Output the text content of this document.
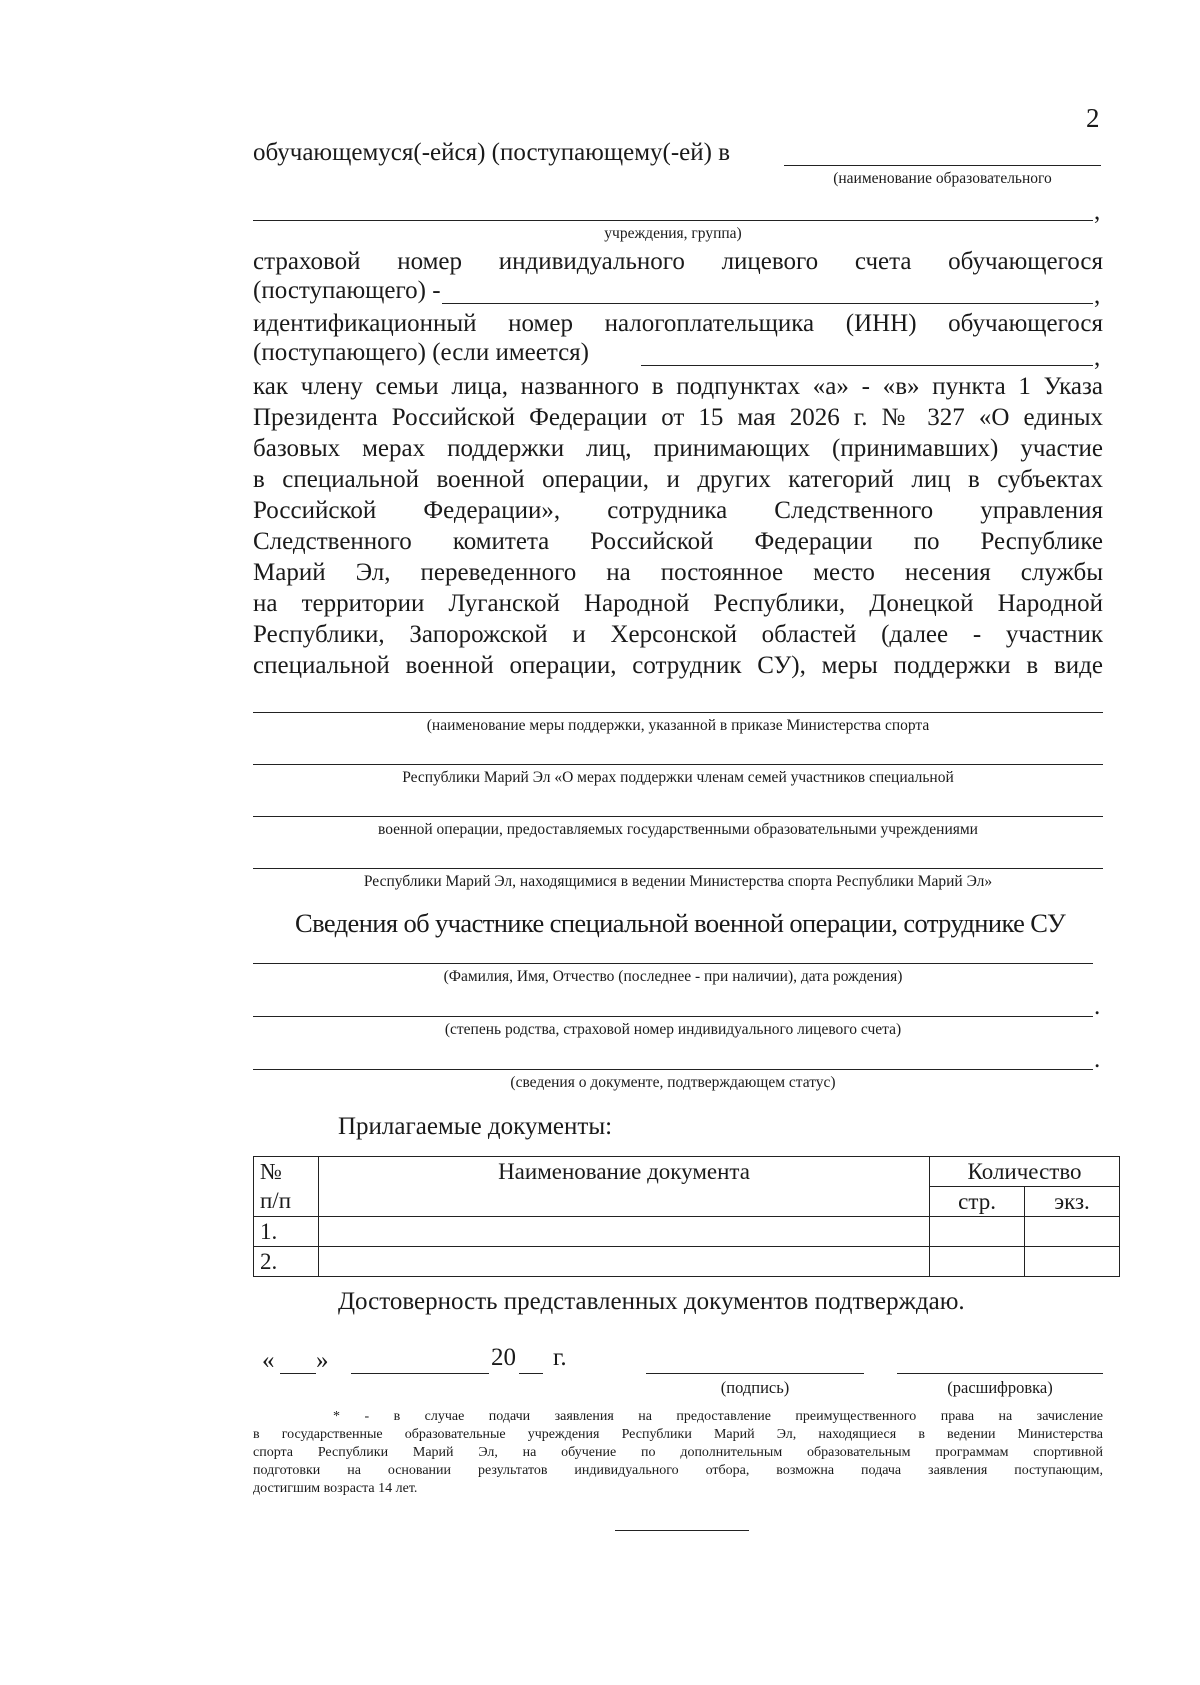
2
обучающемуся(-ейся) (поступающему(-ей) в
(наименование образовательного
,
учреждения, группа)
страховой номер индивидуального лицевого счета обучающегося
(поступающего) -	,
идентификационный номер налогоплательщика (ИНН) обучающегося
(поступающего) (если имеется)	,
как члену семьи лица, названного в подпунктах «а» - «в» пункта 1 Указа
Президента Российской Федерации от 15 мая 2026 г. № 327 «О единых
базовых мерах поддержки лиц, принимающих (принимавших) участие
в специальной военной операции, и других категорий лиц в субъектах
Российской Федерации», сотрудника Следственного управления
Следственного комитета Российской Федерации по Республике
Марий Эл, переведенного на постоянное место несения службы
на территории Луганской Народной Республики, Донецкой Народной
Республики, Запорожской и Херсонской областей (далее - участник
специальной военной операции, сотрудник СУ), меры поддержки в виде
(наименование меры поддержки, указанной в приказе Министерства спорта
Республики Марий Эл «О мерах поддержки членам семей участников специальной
военной операции, предоставляемых государственными образовательными учреждениями
Республики Марий Эл, находящимися в ведении Министерства спорта Республики Марий Эл»
Сведения об участнике специальной военной операции, сотруднике СУ
(Фамилия, Имя, Отчество (последнее - при наличии), дата рождения)
.
(степень родства, страховой номер индивидуального лицевого счета)
.
(сведения о документе, подтверждающем статус)
Прилагаемые документы:
№	Наименование документа	Количество	
п/п		стр.	экз.
1.			
2.			
Достоверность представленных документов подтверждаю.
« »	20 г.
(подпись)	(расшифровка)
* - в случае подачи заявления на предоставление преимущественного права на зачисление
в государственные образовательные учреждения Республики Марий Эл, находящиеся в ведении Министерства
спорта Республики Марий Эл, на обучение по дополнительным образовательным программам спортивной
подготовки на основании результатов индивидуального отбора, возможна подача заявления поступающим,
достигшим возраста 14 лет.
